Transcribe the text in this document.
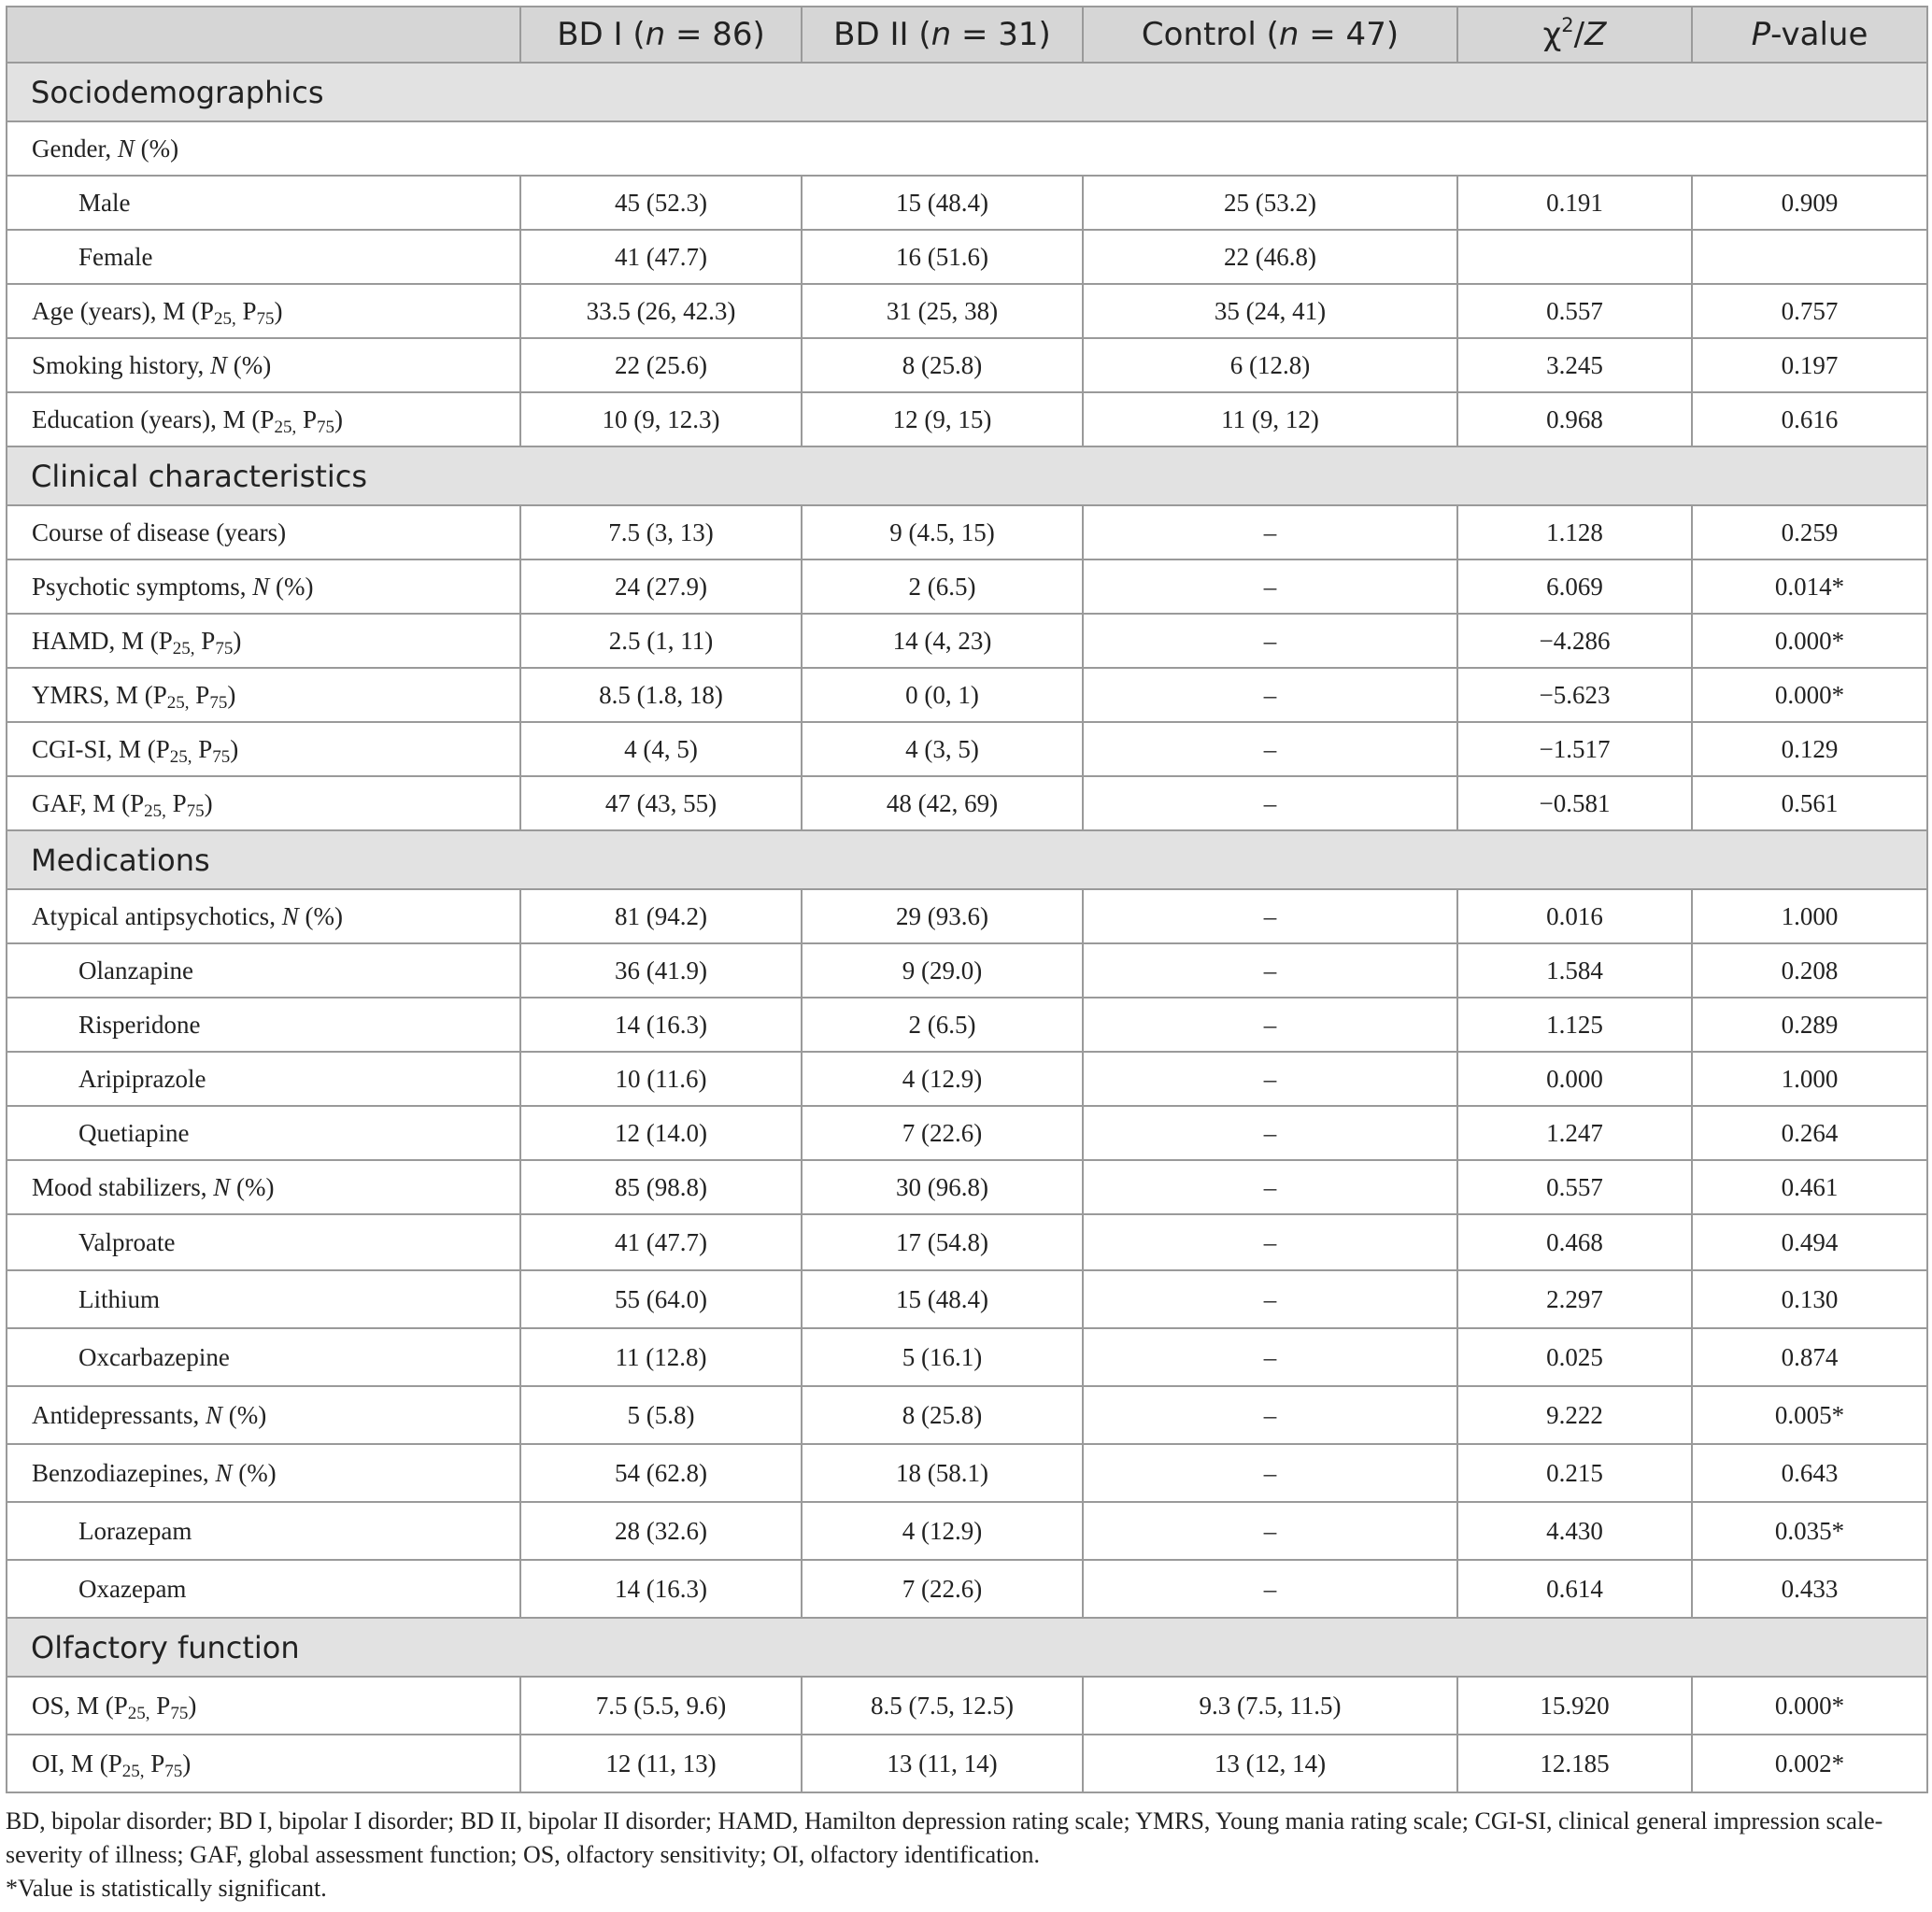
	BD I (n = 86)	BD II (n = 31)	Control (n = 47)	$\chi^2/Z$	P-value
Sociodemographics					
Gender, N (%)					
Male	45 (52.3)	15 (48.4)	25 (53.2)	0.191	0.909
Female	41 (47.7)	16 (51.6)	22 (46.8)		
Age (years), M ($P_{25,}$ $P_{75}$)	33.5 (26, 42.3)	31 (25, 38)	35 (24, 41)	0.557	0.757
Smoking history, N (%)	22 (25.6)	8 (25.8)	6 (12.8)	3.245	0.197
Education (years), M ($P_{25,}$ $P_{75}$)	10 (9, 12.3)	12 (9, 15)	11 (9, 12)	0.968	0.616
Clinical characteristics					
Course of disease (years)	7.5 (3, 13)	9 (4.5, 15)	–	1.128	0.259
Psychotic symptoms, N (%)	24 (27.9)	2 (6.5)	–	6.069	0.014*
HAMD, M ($P_{25,}$ $P_{75}$)	2.5 (1, 11)	14 (4, 23)	–	−4.286	0.000*
YMRS, M ($P_{25,}$ $P_{75}$)	8.5 (1.8, 18)	0 (0, 1)	–	−5.623	0.000*
CGI-SI, M ($P_{25,}$ $P_{75}$)	4 (4, 5)	4 (3, 5)	–	−1.517	0.129
GAF, M ($P_{25,}$ $P_{75}$)	47 (43, 55)	48 (42, 69)	–	−0.581	0.561
Medications					
Atypical antipsychotics, N (%)	81 (94.2)	29 (93.6)	–	0.016	1.000
Olanzapine	36 (41.9)	9 (29.0)	–	1.584	0.208
Risperidone	14 (16.3)	2 (6.5)	–	1.125	0.289
Aripiprazole	10 (11.6)	4 (12.9)	–	0.000	1.000
Quetiapine	12 (14.0)	7 (22.6)	–	1.247	0.264
Mood stabilizers, N (%)	85 (98.8)	30 (96.8)	–	0.557	0.461
Valproate	41 (47.7)	17 (54.8)	–	0.468	0.494
Lithium	55 (64.0)	15 (48.4)	–	2.297	0.130
Oxcarbazepine	11 (12.8)	5 (16.1)	–	0.025	0.874
Antidepressants, N (%)	5 (5.8)	8 (25.8)	–	9.222	0.005*
Benzodiazepines, N (%)	54 (62.8)	18 (58.1)	–	0.215	0.643
Lorazepam	28 (32.6)	4 (12.9)	–	4.430	0.035*
Oxazepam	14 (16.3)	7 (22.6)	–	0.614	0.433
Olfactory function					
OS, M ($P_{25,}$ $P_{75}$)	7.5 (5.5, 9.6)	8.5 (7.5, 12.5)	9.3 (7.5, 11.5)	15.920	0.000*
OI, M ($P_{25,}$ $P_{75}$)	12 (11, 13)	13 (11, 14)	13 (12, 14)	12.185	0.002*
BD, bipolar disorder; BD I, bipolar I disorder; BD II, bipolar II disorder; HAMD, Hamilton depression rating scale; YMRS, Young mania rating scale; CGI-SI, clinical general impression scale-severity of illness; GAF, global assessment function; OS, olfactory sensitivity; OI, olfactory identification.
*Value is statistically significant.
